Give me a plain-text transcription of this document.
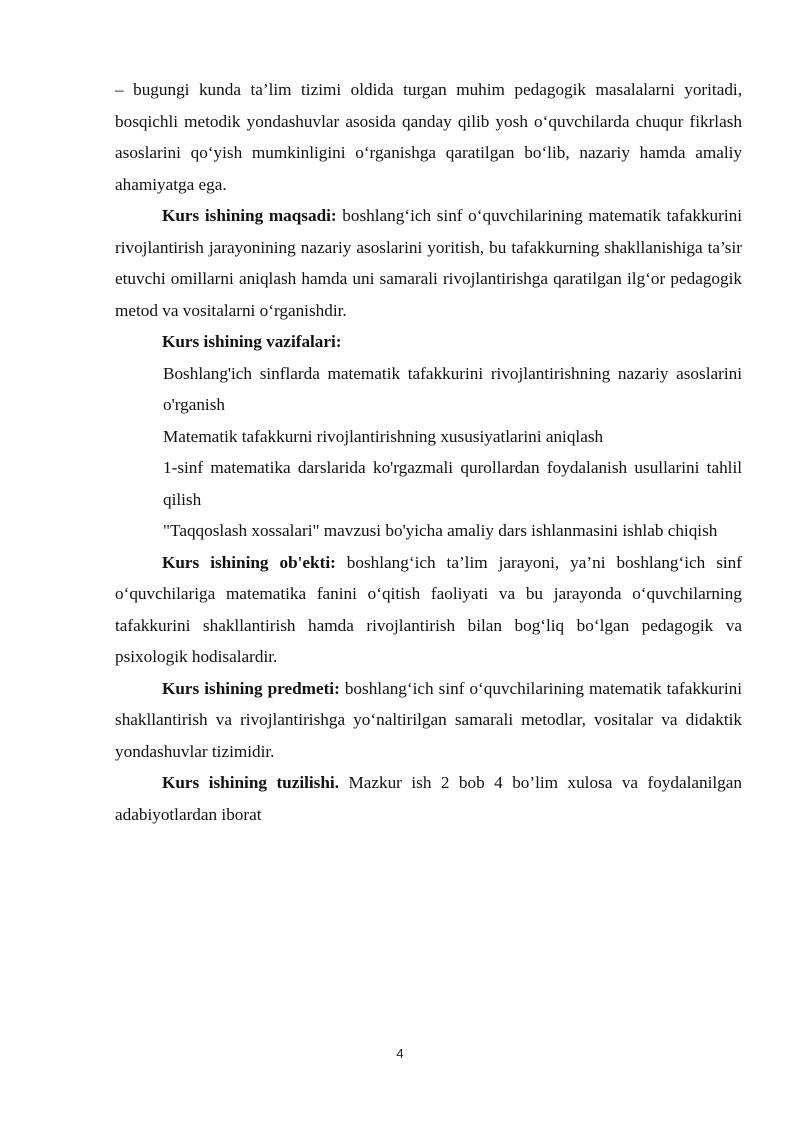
– bugungi kunda ta’lim tizimi oldida turgan muhim pedagogik masalalarni yoritadi, bosqichli metodik yondashuvlar asosida qanday qilib yosh o‘quvchilarda chuqur fikrlash asoslarini qo‘yish mumkinligini o‘rganishga qaratilgan bo‘lib, nazariy hamda amaliy ahamiyatga ega.

Kurs ishining maqsadi: boshlang‘ich sinf o‘quvchilarining matematik tafakkurini rivojlantirish jarayonining nazariy asoslarini yoritish, bu tafakkurning shakllanishiga ta’sir etuvchi omillarni aniqlash hamda uni samarali rivojlantirishga qaratilgan ilg‘or pedagogik metod va vositalarni o‘rganishdir.

Kurs ishining vazifalari:

Boshlang'ich sinflarda matematik tafakkurini rivojlantirishning nazariy asoslarini o'rganish

Matematik tafakkurni rivojlantirishning xususiyatlarini aniqlash

1-sinf matematika darslarida ko'rgazmali qurollardan foydalanish usullarini tahlil qilish

"Taqqoslash xossalari" mavzusi bo'yicha amaliy dars ishlanmasini ishlab chiqish

Kurs ishining ob'ekti: boshlang‘ich ta’lim jarayoni, ya’ni boshlang‘ich sinf o‘quvchilariga matematika fanini o‘qitish faoliyati va bu jarayonda o‘quvchilarning tafakkurini shakllantirish hamda rivojlantirish bilan bog‘liq bo‘lgan pedagogik va psixologik hodisalardir.

Kurs ishining predmeti: boshlang‘ich sinf o‘quvchilarining matematik tafakkurini shakllantirish va rivojlantirishga yo‘naltirilgan samarali metodlar, vositalar va didaktik yondashuvlar tizimidir.

Kurs ishining tuzilishi. Mazkur ish 2 bob 4 bo’lim xulosa va foydalanilgan adabiyotlardan iborat

4
